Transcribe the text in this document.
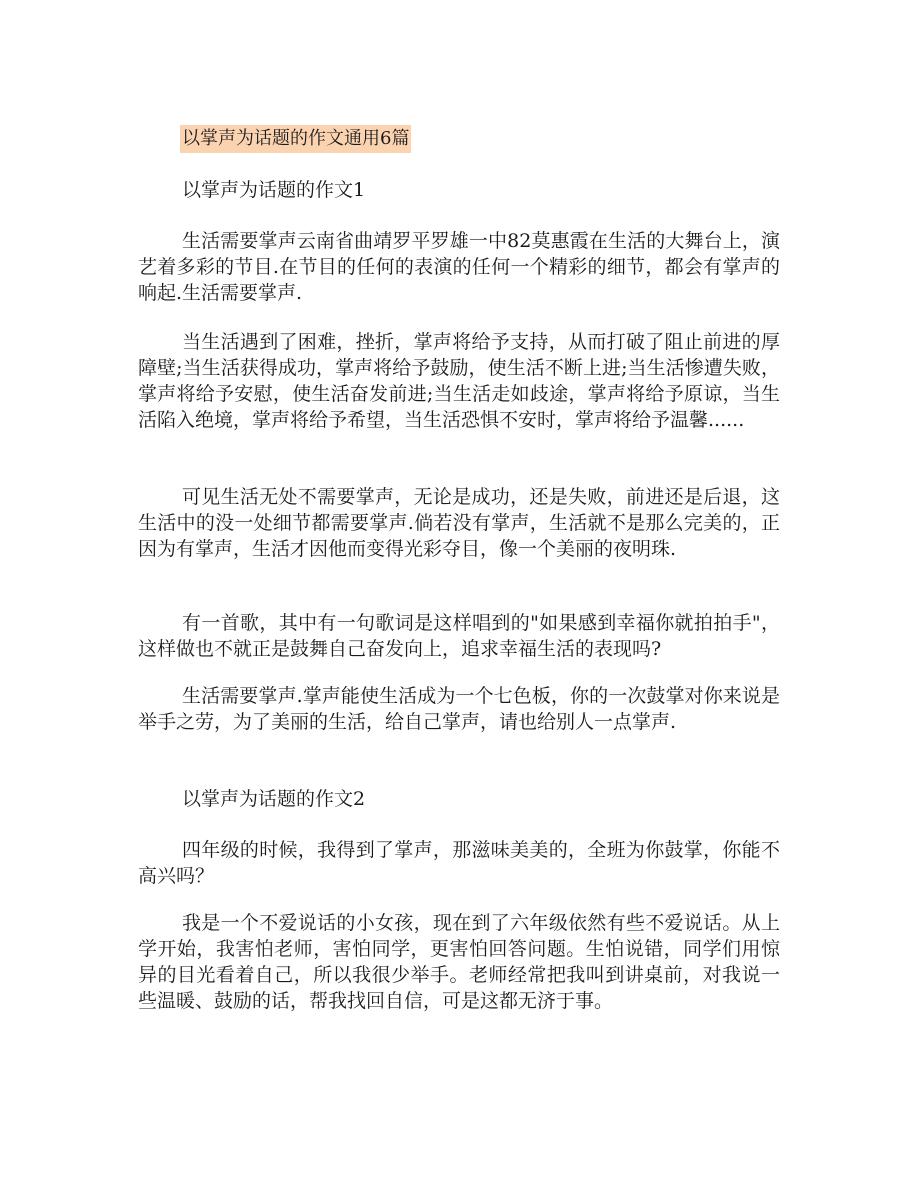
以掌声为话题的作文通用6篇
以掌声为话题的作文1

生活需要掌声云南省曲靖罗平罗雄一中82莫惠霞在生活的大舞台上，演艺着多彩的节目.在节目的任何的表演的任何一个精彩的细节，都会有掌声的响起.生活需要掌声.

当生活遇到了困难，挫折，掌声将给予支持，从而打破了阻止前进的厚障壁;当生活获得成功，掌声将给予鼓励，使生活不断上进;当生活惨遭失败，掌声将给予安慰，使生活奋发前进;当生活走如歧途，掌声将给予原谅，当生活陷入绝境，掌声将给予希望，当生活恐惧不安时，掌声将给予温馨......

可见生活无处不需要掌声，无论是成功，还是失败，前进还是后退，这生活中的没一处细节都需要掌声.倘若没有掌声，生活就不是那么完美的，正因为有掌声，生活才因他而变得光彩夺目，像一个美丽的夜明珠.

有一首歌，其中有一句歌词是这样唱到的"如果感到幸福你就拍拍手"，这样做也不就正是鼓舞自己奋发向上，追求幸福生活的表现吗?

生活需要掌声.掌声能使生活成为一个七色板，你的一次鼓掌对你来说是举手之劳，为了美丽的生活，给自己掌声，请也给别人一点掌声.

以掌声为话题的作文2

四年级的时候，我得到了掌声，那滋味美美的，全班为你鼓掌，你能不高兴吗？

我是一个不爱说话的小女孩，现在到了六年级依然有些不爱说话。从上学开始，我害怕老师，害怕同学，更害怕回答问题。生怕说错，同学们用惊异的目光看着自己，所以我很少举手。老师经常把我叫到讲桌前，对我说一些温暖、鼓励的话，帮我找回自信，可是这都无济于事。
